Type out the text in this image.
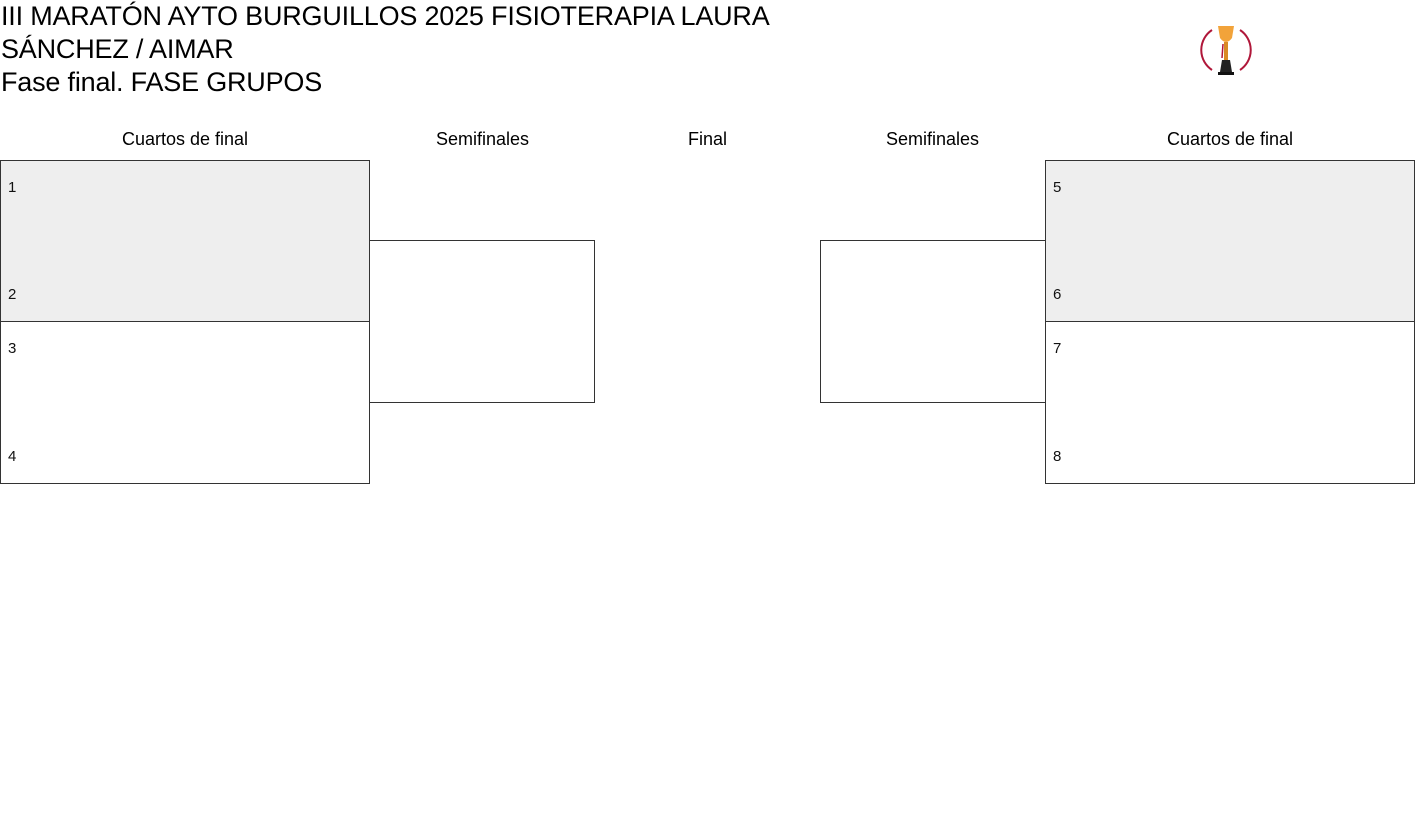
III MARATÓN AYTO BURGUILLOS 2025 FISIOTERAPIA LAURA

SÁNCHEZ / AIMAR

Fase final. FASE GRUPOS

Cuartos de final	Semifinales	Final	Semifinales	Cuartos de final
1
2
3
4
5
6
7
8
